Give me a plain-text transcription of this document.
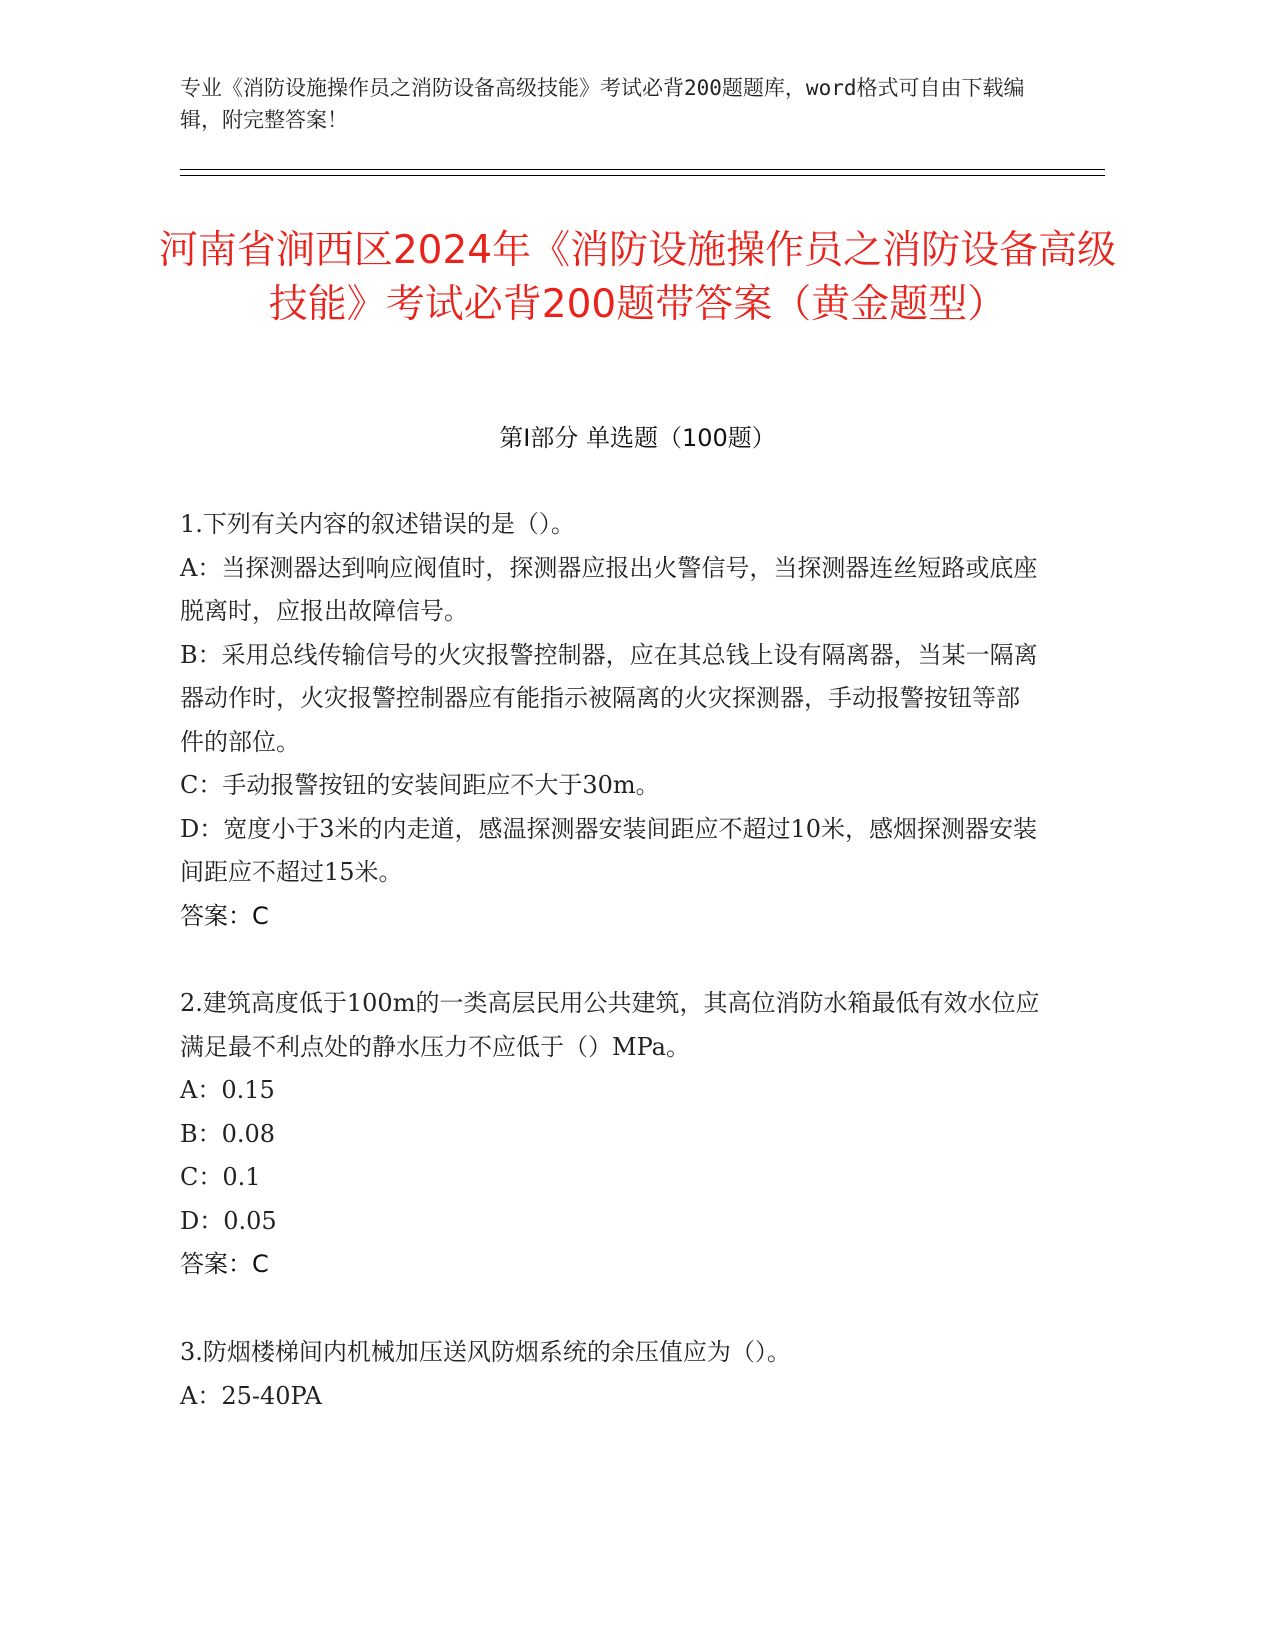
专业《消防设施操作员之消防设备高级技能》考试必背200题题库，word格式可自由下载编辑，附完整答案！
河南省涧西区2024年《消防设施操作员之消防设备高级技能》考试必背200题带答案（黄金题型）
第I部分 单选题（100题）

1.下列有关内容的叙述错误的是（）。

A：当探测器达到响应阀值时，探测器应报出火警信号，当探测器连丝短路或底座脱离时，应报出故障信号。

B：采用总线传输信号的火灾报警控制器，应在其总钱上设有隔离器，当某一隔离器动作时，火灾报警控制器应有能指示被隔离的火灾探测器，手动报警按钮等部件的部位。

C：手动报警按钮的安装间距应不大于30m。

D：宽度小于3米的内走道，感温探测器安装间距应不超过10米，感烟探测器安装间距应不超过15米。

答案：C

2.建筑高度低于100m的一类高层民用公共建筑，其高位消防水箱最低有效水位应满足最不利点处的静水压力不应低于（）MPa。

A：0.15

B：0.08

C：0.1

D：0.05

答案：C

3.防烟楼梯间内机械加压送风防烟系统的余压值应为（）。

A：25-40PA
